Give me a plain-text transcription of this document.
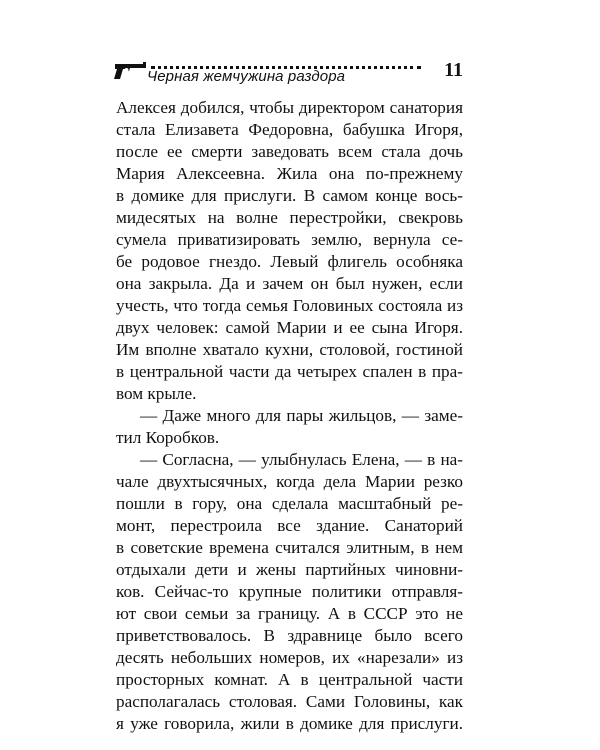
Черная жемчужина раздора	11
Алексея добился, чтобы директором санатория
стала Елизавета Федоровна, бабушка Игоря,
после ее смерти заведовать всем стала дочь
Мария Алексеевна. Жила она по-прежнему
в домике для прислуги. В самом конце вось-
мидесятых на волне перестройки, свекровь
сумела приватизировать землю, вернула се-
бе родовое гнездо. Левый флигель особняка
она закрыла. Да и зачем он был нужен, если
учесть, что тогда семья Головиных состояла из
двух человек: самой Марии и ее сына Игоря.
Им вполне хватало кухни, столовой, гостиной
в центральной части да четырех спален в пра-
вом крыле.
— Даже много для пары жильцов, — заме-
тил Коробков.
— Согласна, — улыбнулась Елена, — в на-
чале двухтысячных, когда дела Марии резко
пошли в гору, она сделала масштабный ре-
монт, перестроила все здание. Санаторий
в советские времена считался элитным, в нем
отдыхали дети и жены партийных чиновни-
ков. Сейчас-то крупные политики отправля-
ют свои семьи за границу. А в СССР это не
приветствовалось. В здравнице было всего
десять небольших номеров, их «нарезали» из
просторных комнат. А в центральной части
располагалась столовая. Сами Головины, как
я уже говорила, жили в домике для прислуги.
